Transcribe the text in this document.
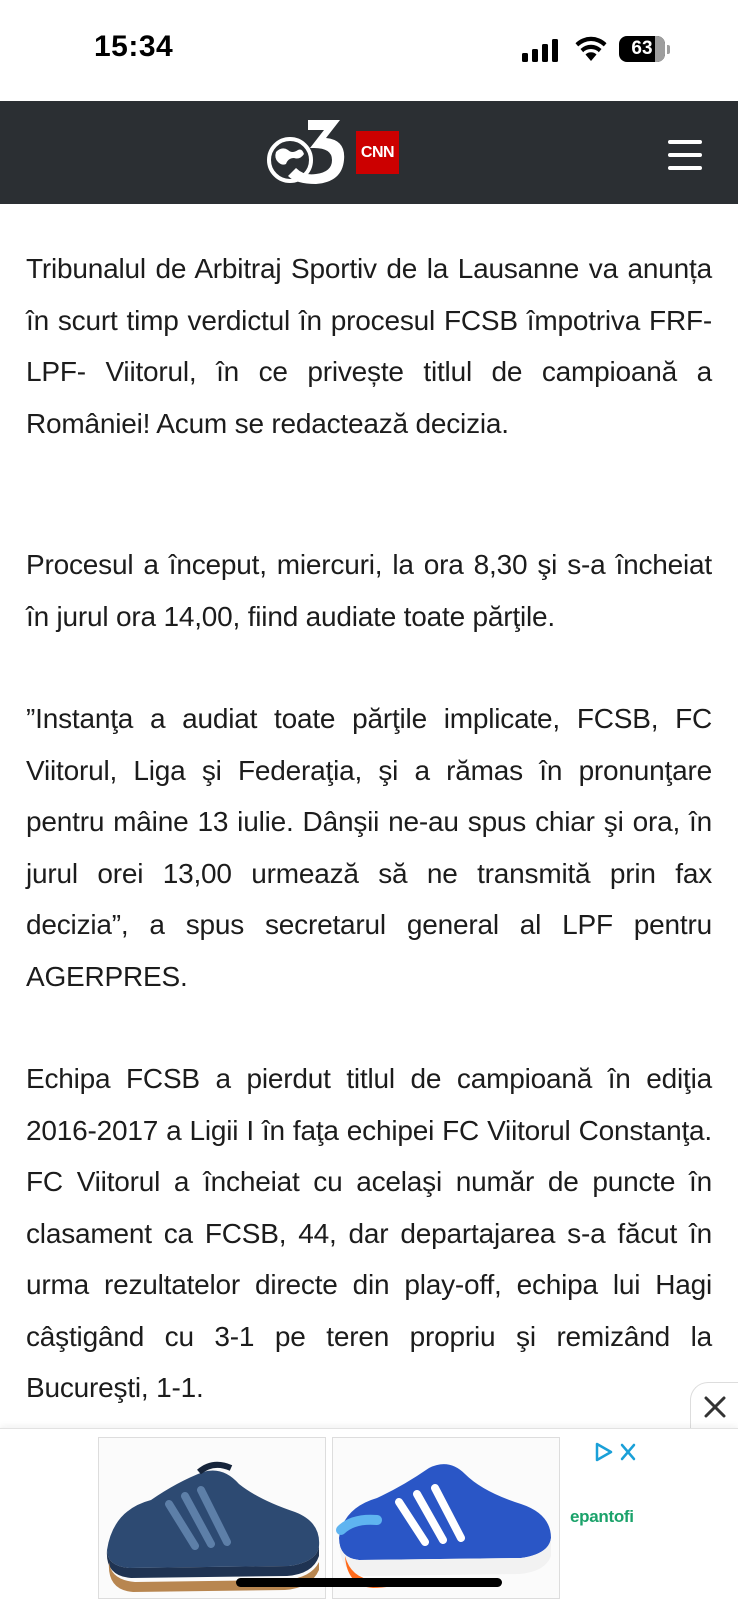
15:34	63
CNN

Tribunalul de Arbitraj Sportiv de la Lausanne va anunța în scurt timp verdictul în procesul FCSB împotriva FRF-LPF- Viitorul, în ce privește titlul de campioană a României! Acum se redactează decizia.

Procesul a început, miercuri, la ora 8,30 şi s-a încheiat în jurul ora 14,00, fiind audiate toate părţile.

”Instanţa a audiat toate părţile implicate, FCSB, FC Viitorul, Liga şi Federaţia, şi a rămas în pronunţare pentru mâine 13 iulie. Dânşii ne-au spus chiar şi ora, în jurul orei 13,00 urmează să ne transmită prin fax decizia”, a spus secretarul general al LPF pentru AGERPRES.

Echipa FCSB a pierdut titlul de campioană în ediţia 2016-2017 a Ligii I în faţa echipei FC Viitorul Constanţa. FC Viitorul a încheiat cu acelaşi număr de puncte în clasament ca FCSB, 44, dar departajarea s-a făcut în urma rezultatelor directe din play-off, echipa lui Hagi câştigând cu 3-1 pe teren propriu şi remizând la Bucureşti, 1-1.

epantofi
